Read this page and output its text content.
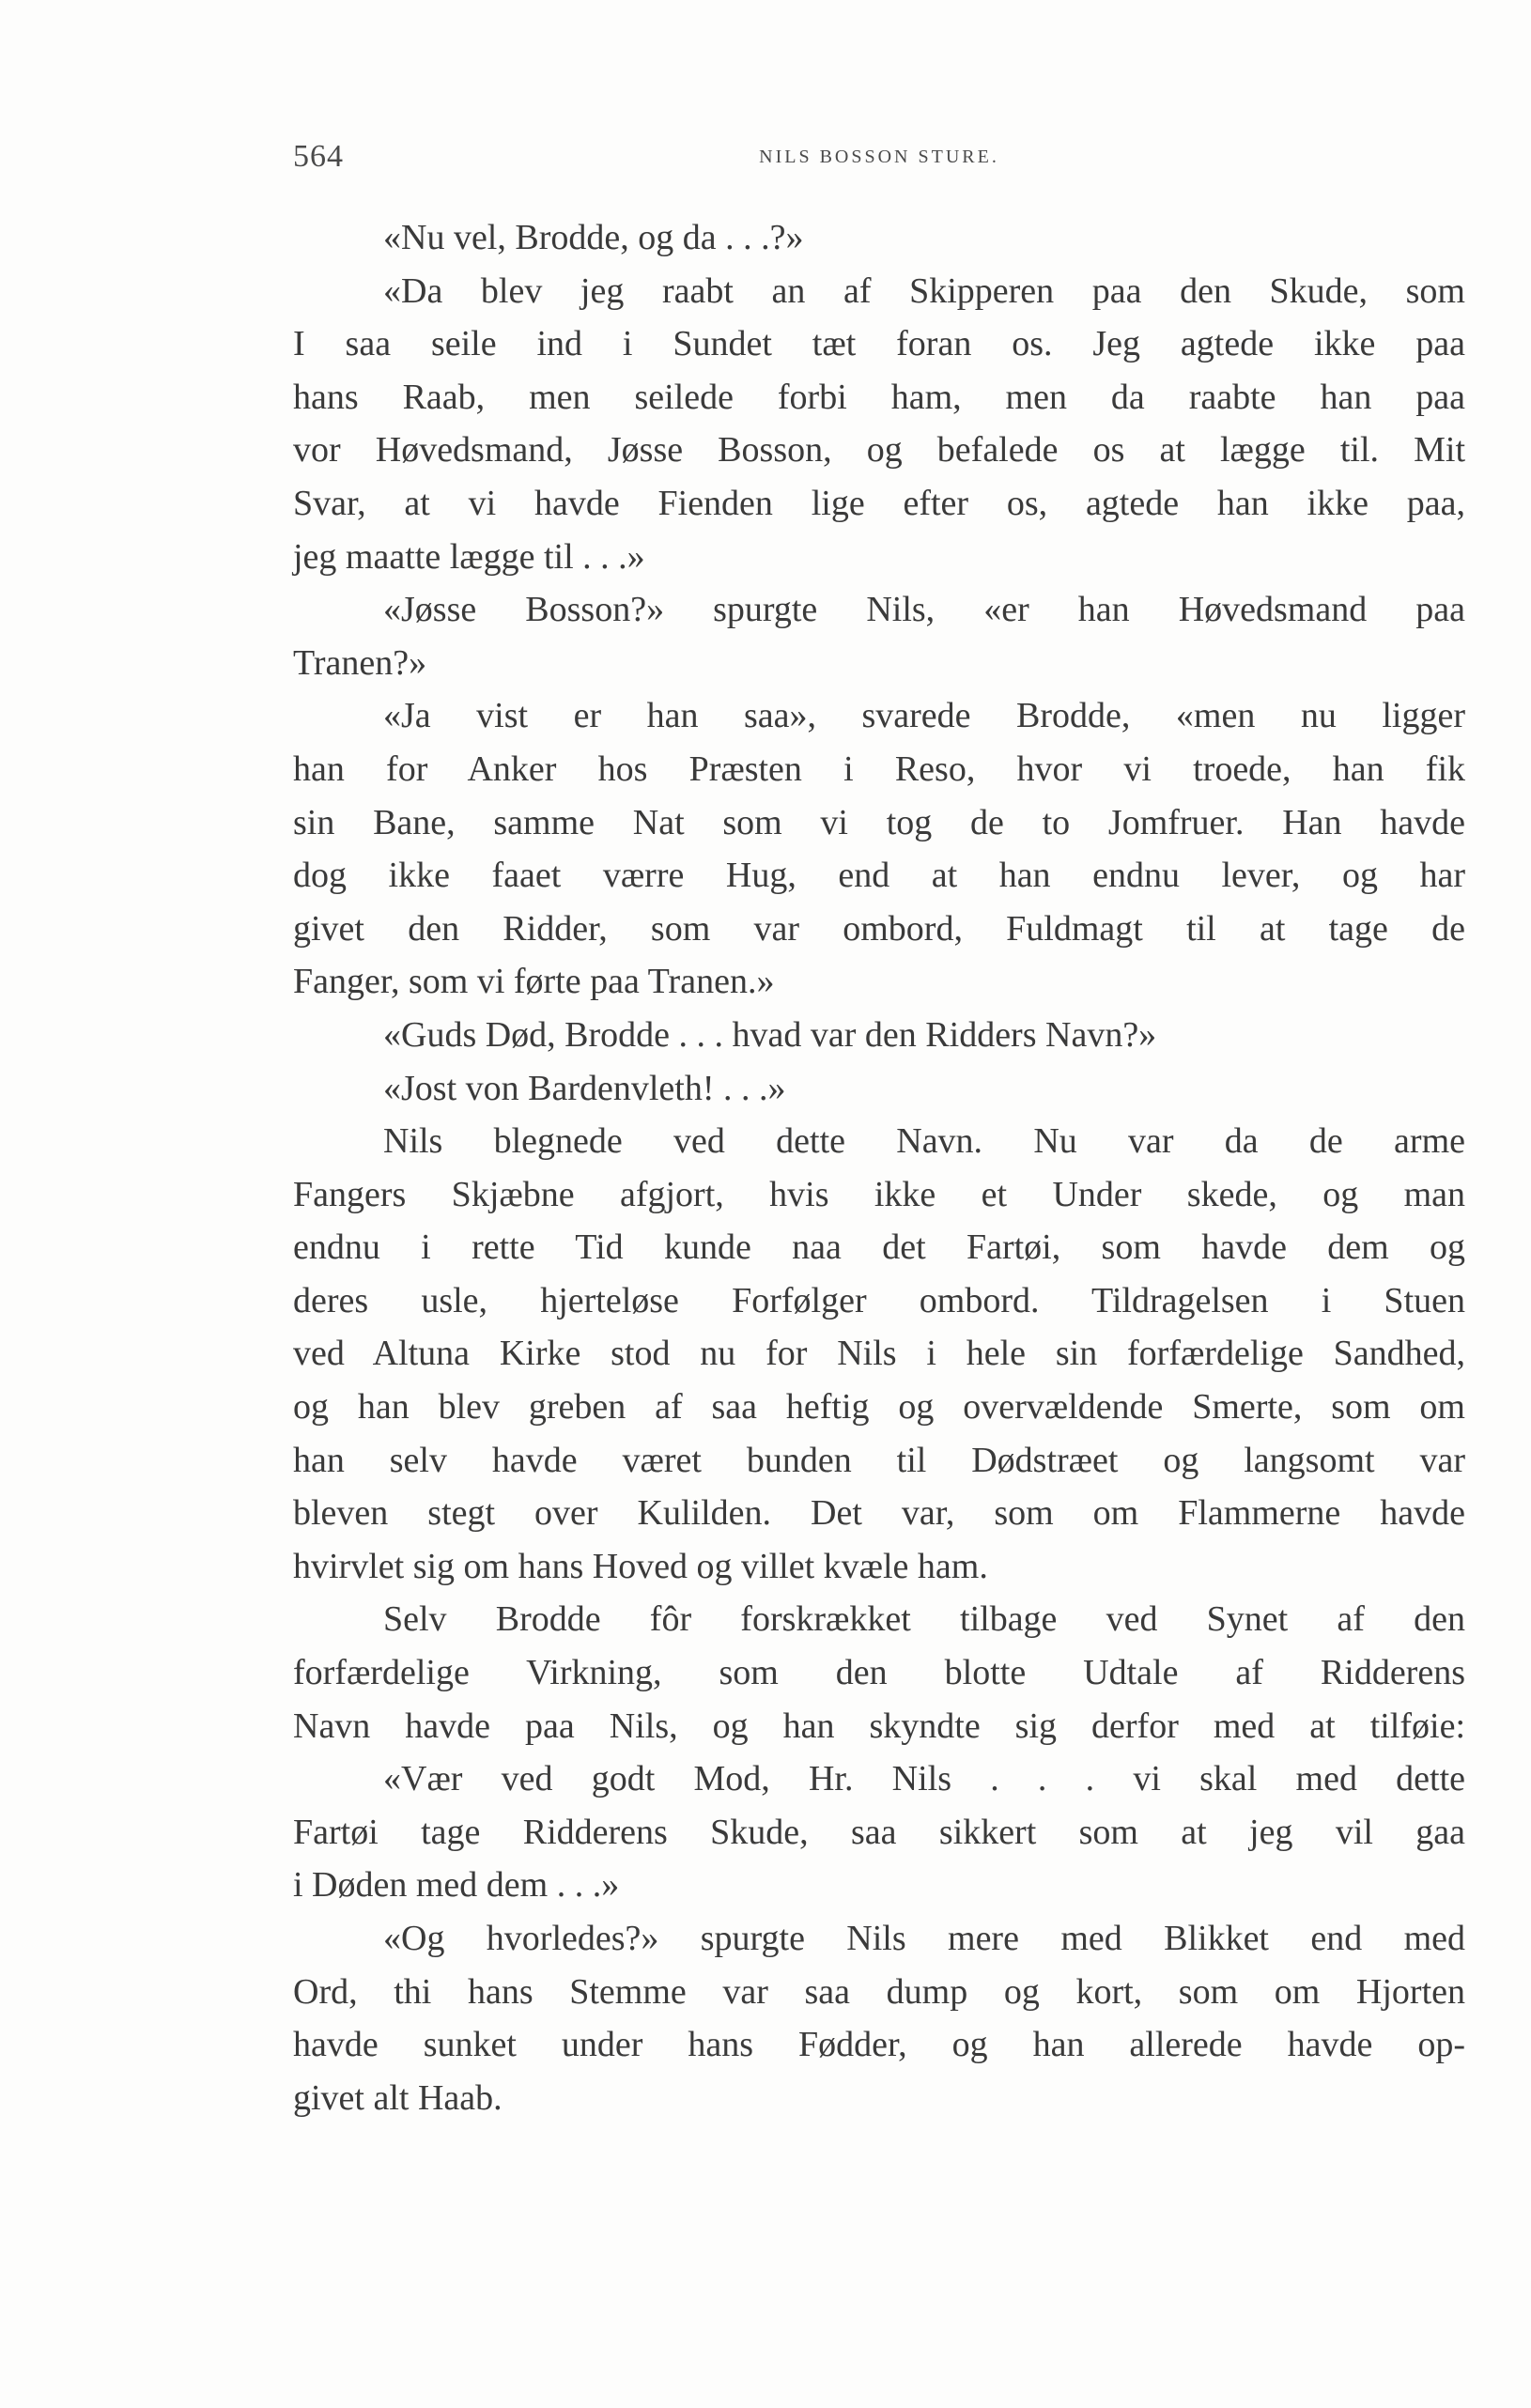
564	NILS BOSSON STURE.
«Nu vel, Brodde, og da . . .?»
«Da blev jeg raabt an af Skipperen paa den Skude, som
I saa seile ind i Sundet tæt foran os. Jeg agtede ikke paa
hans Raab, men seilede forbi ham, men da raabte han paa
vor Høvedsmand, Jøsse Bosson, og befalede os at lægge til. Mit
Svar, at vi havde Fienden lige efter os, agtede han ikke paa,
jeg maatte lægge til . . .»
«Jøsse Bosson?» spurgte Nils, «er han Høvedsmand paa
Tranen?»
«Ja vist er han saa», svarede Brodde, «men nu ligger
han for Anker hos Præsten i Reso, hvor vi troede, han fik
sin Bane, samme Nat som vi tog de to Jomfruer. Han havde
dog ikke faaet værre Hug, end at han endnu lever, og har
givet den Ridder, som var ombord, Fuldmagt til at tage de
Fanger, som vi førte paa Tranen.»
«Guds Død, Brodde . . . hvad var den Ridders Navn?»
«Jost von Bardenvleth! . . .»
Nils blegnede ved dette Navn. Nu var da de arme
Fangers Skjæbne afgjort, hvis ikke et Under skede, og man
endnu i rette Tid kunde naa det Fartøi, som havde dem og
deres usle, hjerteløse Forfølger ombord. Tildragelsen i Stuen
ved Altuna Kirke stod nu for Nils i hele sin forfærdelige Sandhed,
og han blev greben af saa heftig og overvældende Smerte, som om
han selv havde været bunden til Dødstræet og langsomt var
bleven stegt over Kulilden. Det var, som om Flammerne havde
hvirvlet sig om hans Hoved og villet kvæle ham.
Selv Brodde fôr forskrækket tilbage ved Synet af den
forfærdelige Virkning, som den blotte Udtale af Ridderens
Navn havde paa Nils, og han skyndte sig derfor med at tilføie:
«Vær ved godt Mod, Hr. Nils . . . vi skal med dette
Fartøi tage Ridderens Skude, saa sikkert som at jeg vil gaa
i Døden med dem . . .»
«Og hvorledes?» spurgte Nils mere med Blikket end med
Ord, thi hans Stemme var saa dump og kort, som om Hjorten
havde sunket under hans Fødder, og han allerede havde op-
givet alt Haab.
